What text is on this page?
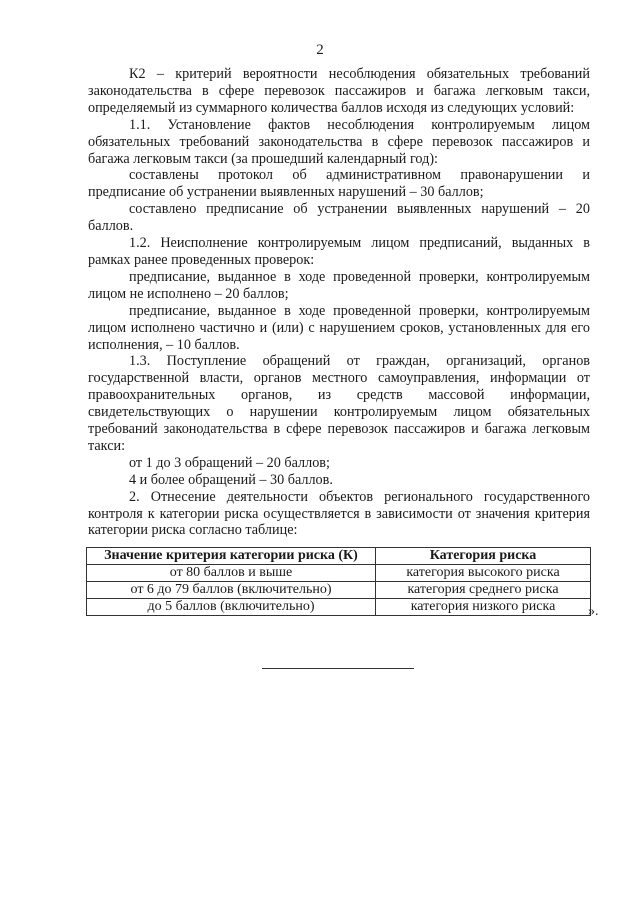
2

К2 – критерий вероятности несоблюдения обязательных требований законодательства в сфере перевозок пассажиров и багажа легковым такси, определяемый из суммарного количества баллов исходя из следующих условий:

1.1. Установление фактов несоблюдения контролируемым лицом обязательных требований законодательства в сфере перевозок пассажиров и багажа легковым такси (за прошедший календарный год):

составлены протокол об административном правонарушении и предписание об устранении выявленных нарушений – 30 баллов;

составлено предписание об устранении выявленных нарушений – 20 баллов.

1.2. Неисполнение контролируемым лицом предписаний, выданных в рамках ранее проведенных проверок:

предписание, выданное в ходе проведенной проверки, контролируемым лицом не исполнено – 20 баллов;

предписание, выданное в ходе проведенной проверки, контролируемым лицом исполнено частично и (или) с нарушением сроков, установленных для его исполнения, – 10 баллов.

1.3. Поступление обращений от граждан, организаций, органов государственной власти, органов местного самоуправления, информации от правоохранительных органов, из средств массовой информации, свидетельствующих о нарушении контролируемым лицом обязательных требований законодательства в сфере перевозок пассажиров и багажа легковым такси:

от 1 до 3 обращений – 20 баллов;

4 и более обращений – 30 баллов.

2. Отнесение деятельности объектов регионального государственного контроля к категории риска осуществляется в зависимости от значения критерия категории риска согласно таблице:

Значение критерия категории риска (К)	Категория риска
от 80 баллов и выше	категория высокого риска
от 6 до 79 баллов (включительно)	категория среднего риска
до 5 баллов (включительно)	категория низкого риска ».
